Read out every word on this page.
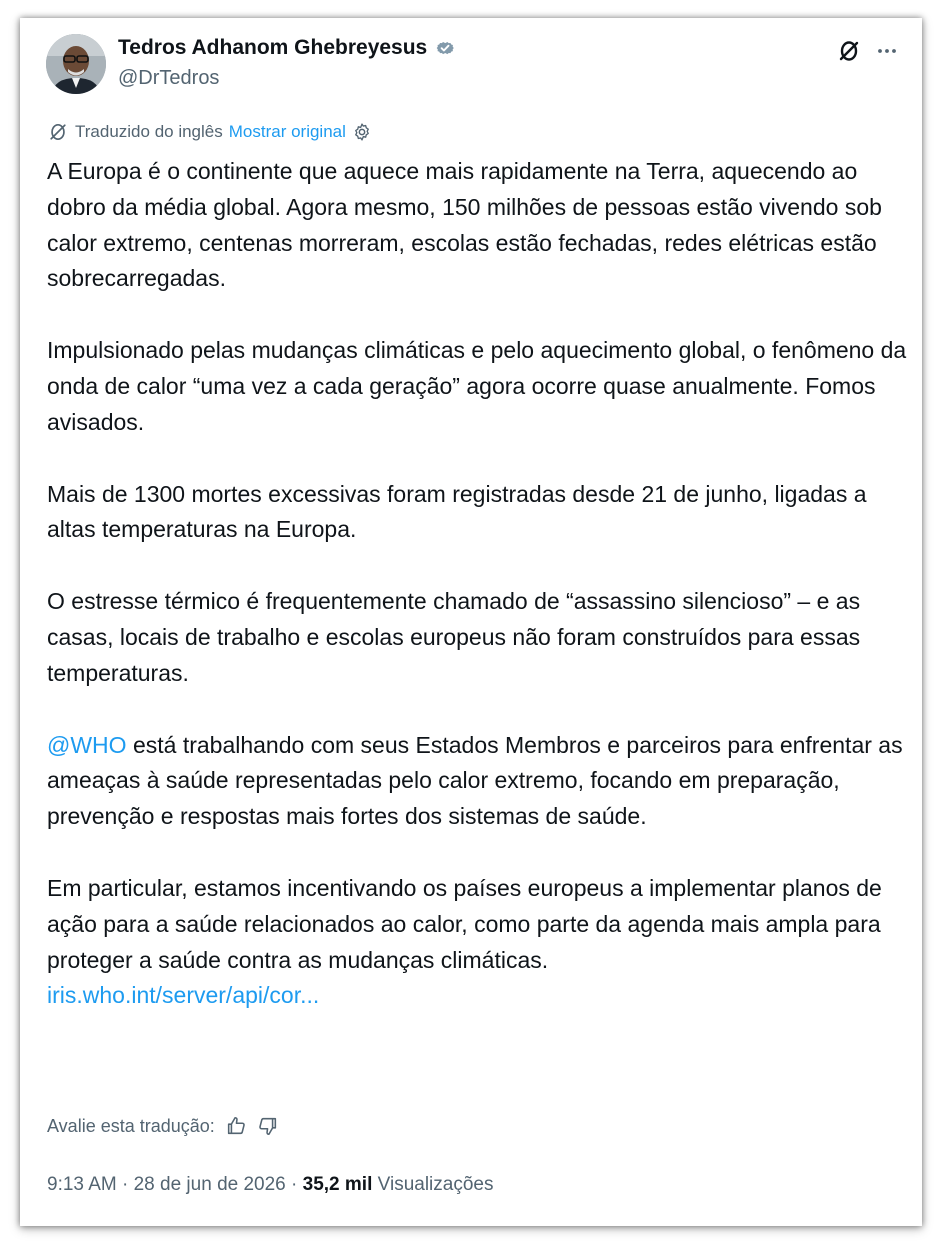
Tedros Adhanom Ghebreyesus
@DrTedros
Traduzido do inglês Mostrar original

A Europa é o continente que aquece mais rapidamente na Terra, aquecendo ao dobro da média global. Agora mesmo, 150 milhões de pessoas estão vivendo sob calor extremo, centenas morreram, escolas estão fechadas, redes elétricas estão sobrecarregadas.

Impulsionado pelas mudanças climáticas e pelo aquecimento global, o fenômeno da onda de calor “uma vez a cada geração” agora ocorre quase anualmente. Fomos avisados.

Mais de 1300 mortes excessivas foram registradas desde 21 de junho, ligadas a altas temperaturas na Europa.

O estresse térmico é frequentemente chamado de “assassino silencioso” – e as casas, locais de trabalho e escolas europeus não foram construídos para essas temperaturas.

@WHO está trabalhando com seus Estados Membros e parceiros para enfrentar as ameaças à saúde representadas pelo calor extremo, focando em preparação, prevenção e respostas mais fortes dos sistemas de saúde.

Em particular, estamos incentivando os países europeus a implementar planos de ação para a saúde relacionados ao calor, como parte da agenda mais ampla para proteger a saúde contra as mudanças climáticas.
iris.who.int/server/api/cor...

Avalie esta tradução:
9:13 AM · 28 de jun de 2026 · 35,2 mil Visualizações
